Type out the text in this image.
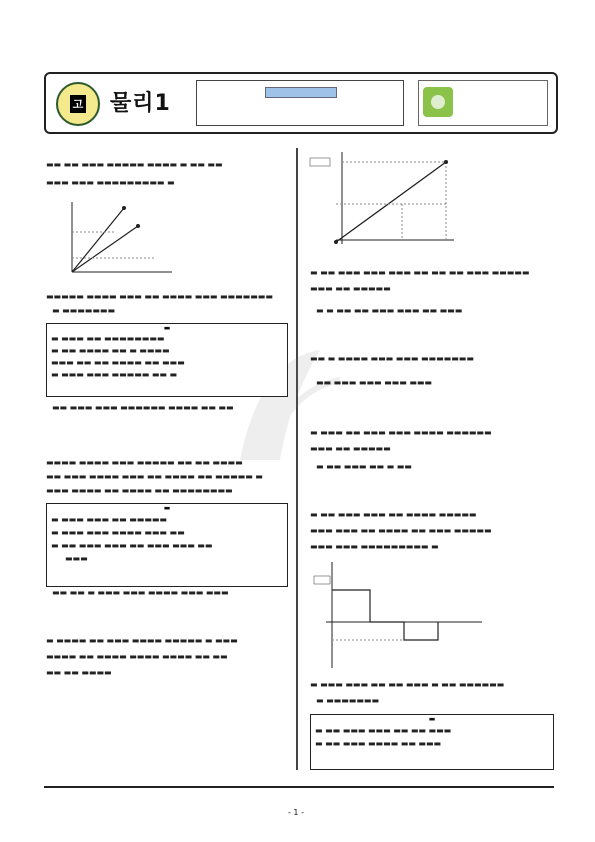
고 물리1
▬▬ ▬▬ ▬▬▬ ▬▬▬▬▬ ▬▬▬▬ ▬ ▬▬ ▬▬
▬▬▬ ▬▬▬ ▬▬▬▬▬▬▬▬▬ ▬
▬▬▬▬▬ ▬▬▬▬ ▬▬▬ ▬▬ ▬▬▬▬ ▬▬▬ ▬▬▬▬▬▬▬
▬ ▬▬▬▬▬▬▬
▬
▬ ▬▬▬ ▬▬ ▬▬▬▬▬▬▬▬
▬ ▬▬ ▬▬▬▬ ▬▬ ▬ ▬▬▬▬
▬▬▬ ▬▬ ▬▬ ▬▬▬▬ ▬▬ ▬▬▬
▬ ▬▬▬ ▬▬▬ ▬▬▬▬▬ ▬▬ ▬
▬▬ ▬▬▬ ▬▬▬ ▬▬▬▬▬▬ ▬▬▬▬ ▬▬ ▬▬
▬▬▬▬ ▬▬▬▬ ▬▬▬ ▬▬▬▬▬ ▬▬ ▬▬ ▬▬▬▬
▬▬ ▬▬▬ ▬▬▬▬ ▬▬▬ ▬▬ ▬▬▬▬ ▬▬ ▬▬▬▬▬ ▬
▬▬▬ ▬▬▬▬ ▬▬ ▬▬▬▬ ▬▬ ▬▬▬▬▬▬▬▬
▬
▬ ▬▬▬ ▬▬▬ ▬▬ ▬▬▬▬▬
▬ ▬▬▬ ▬▬▬ ▬▬▬▬ ▬▬▬ ▬▬
▬ ▬▬ ▬▬▬ ▬▬▬ ▬▬ ▬▬▬ ▬▬▬ ▬▬
▬▬▬
▬▬ ▬▬ ▬ ▬▬▬ ▬▬▬ ▬▬▬▬ ▬▬▬ ▬▬▬
▬ ▬▬▬▬ ▬▬ ▬▬▬ ▬▬▬▬ ▬▬▬▬▬ ▬ ▬▬▬
▬▬▬▬ ▬▬ ▬▬▬▬ ▬▬▬▬ ▬▬▬▬ ▬▬ ▬▬
▬▬ ▬▬ ▬▬▬▬
▬ ▬▬ ▬▬▬ ▬▬▬ ▬▬▬ ▬▬ ▬▬ ▬▬ ▬▬▬ ▬▬▬▬▬
▬▬▬ ▬▬ ▬▬▬▬▬
▬ ▬ ▬▬ ▬▬ ▬▬▬ ▬▬▬ ▬▬ ▬▬▬
▬▬ ▬ ▬▬▬▬ ▬▬▬ ▬▬▬ ▬▬▬▬▬▬▬
▬▬ ▬▬▬ ▬▬▬ ▬▬▬ ▬▬▬
▬ ▬▬▬ ▬▬ ▬▬▬ ▬▬▬ ▬▬▬▬ ▬▬▬▬▬▬
▬▬▬ ▬▬ ▬▬▬▬▬
▬ ▬▬ ▬▬▬ ▬▬ ▬ ▬▬
▬ ▬▬ ▬▬▬ ▬▬▬ ▬▬ ▬▬▬▬ ▬▬▬▬▬
▬▬▬ ▬▬▬ ▬▬ ▬▬▬▬ ▬▬ ▬▬▬ ▬▬▬▬▬
▬▬▬ ▬▬▬ ▬▬▬▬▬▬▬▬▬ ▬
▬ ▬▬▬ ▬▬▬ ▬▬ ▬▬ ▬▬▬ ▬ ▬▬ ▬▬▬▬▬▬
▬ ▬▬▬▬▬▬▬
▬
▬ ▬▬ ▬▬▬ ▬▬▬ ▬▬ ▬▬ ▬▬▬
▬ ▬▬ ▬▬▬ ▬▬▬▬ ▬▬ ▬▬▬
- 1 -
